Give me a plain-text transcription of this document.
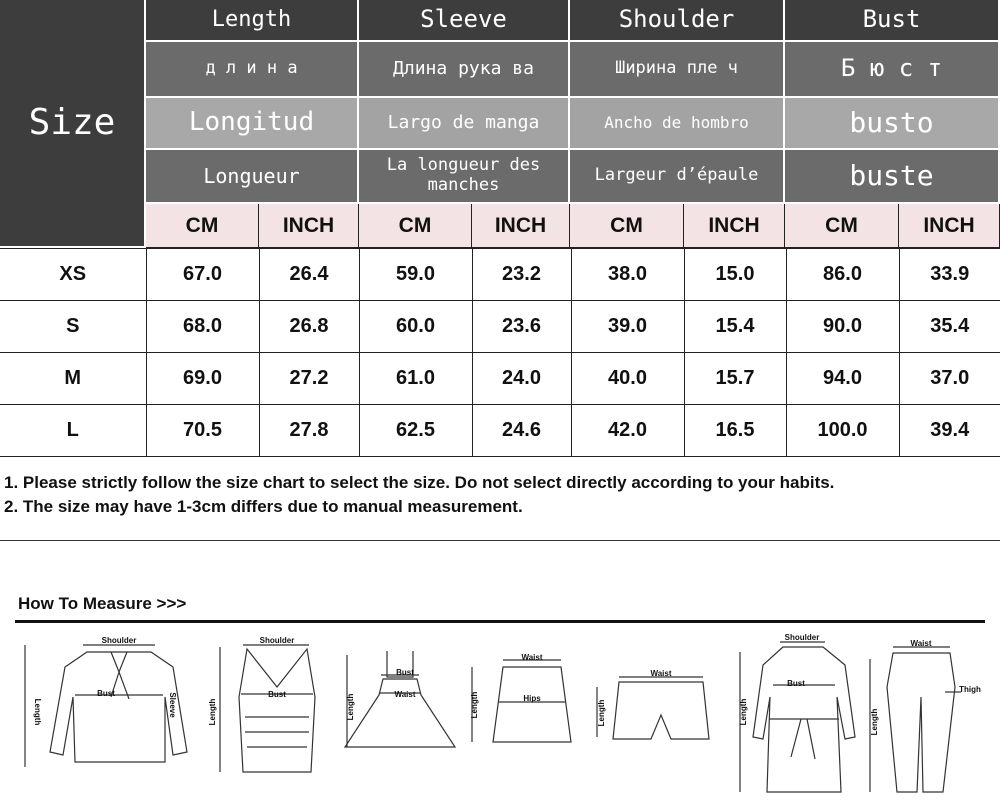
Size
Length
д л и н а
Longitud
Longueur
Sleeve
Длина рука ва
Largo de manga
La longueur des manches
Shoulder
Ширина пле ч
Ancho de hombro
Largeur d’épaule
Bust
Б ю с т
busto
buste
CM	INCH	CM	INCH	CM	INCH	CM	INCH
XS	67.0	26.4	59.0	23.2	38.0	15.0	86.0	33.9
S	68.0	26.8	60.0	23.6	39.0	15.4	90.0	35.4
M	69.0	27.2	61.0	24.0	40.0	15.7	94.0	37.0
L	70.5	27.8	62.5	24.6	42.0	16.5	100.0	39.4
1. Please strictly follow the size chart to select the size. Do not select directly according to your habits.
2. The size may have 1-3cm differs due to manual measurement.
How To Measure >>>
Length
Shoulder
Bust	Sleeve	Length
Shoulder
Bust	Length
Bust
Waist	Length
Waist
Hips
Length
Waist
Length
Shoulder
Bust
Length
Waist
Thigh
